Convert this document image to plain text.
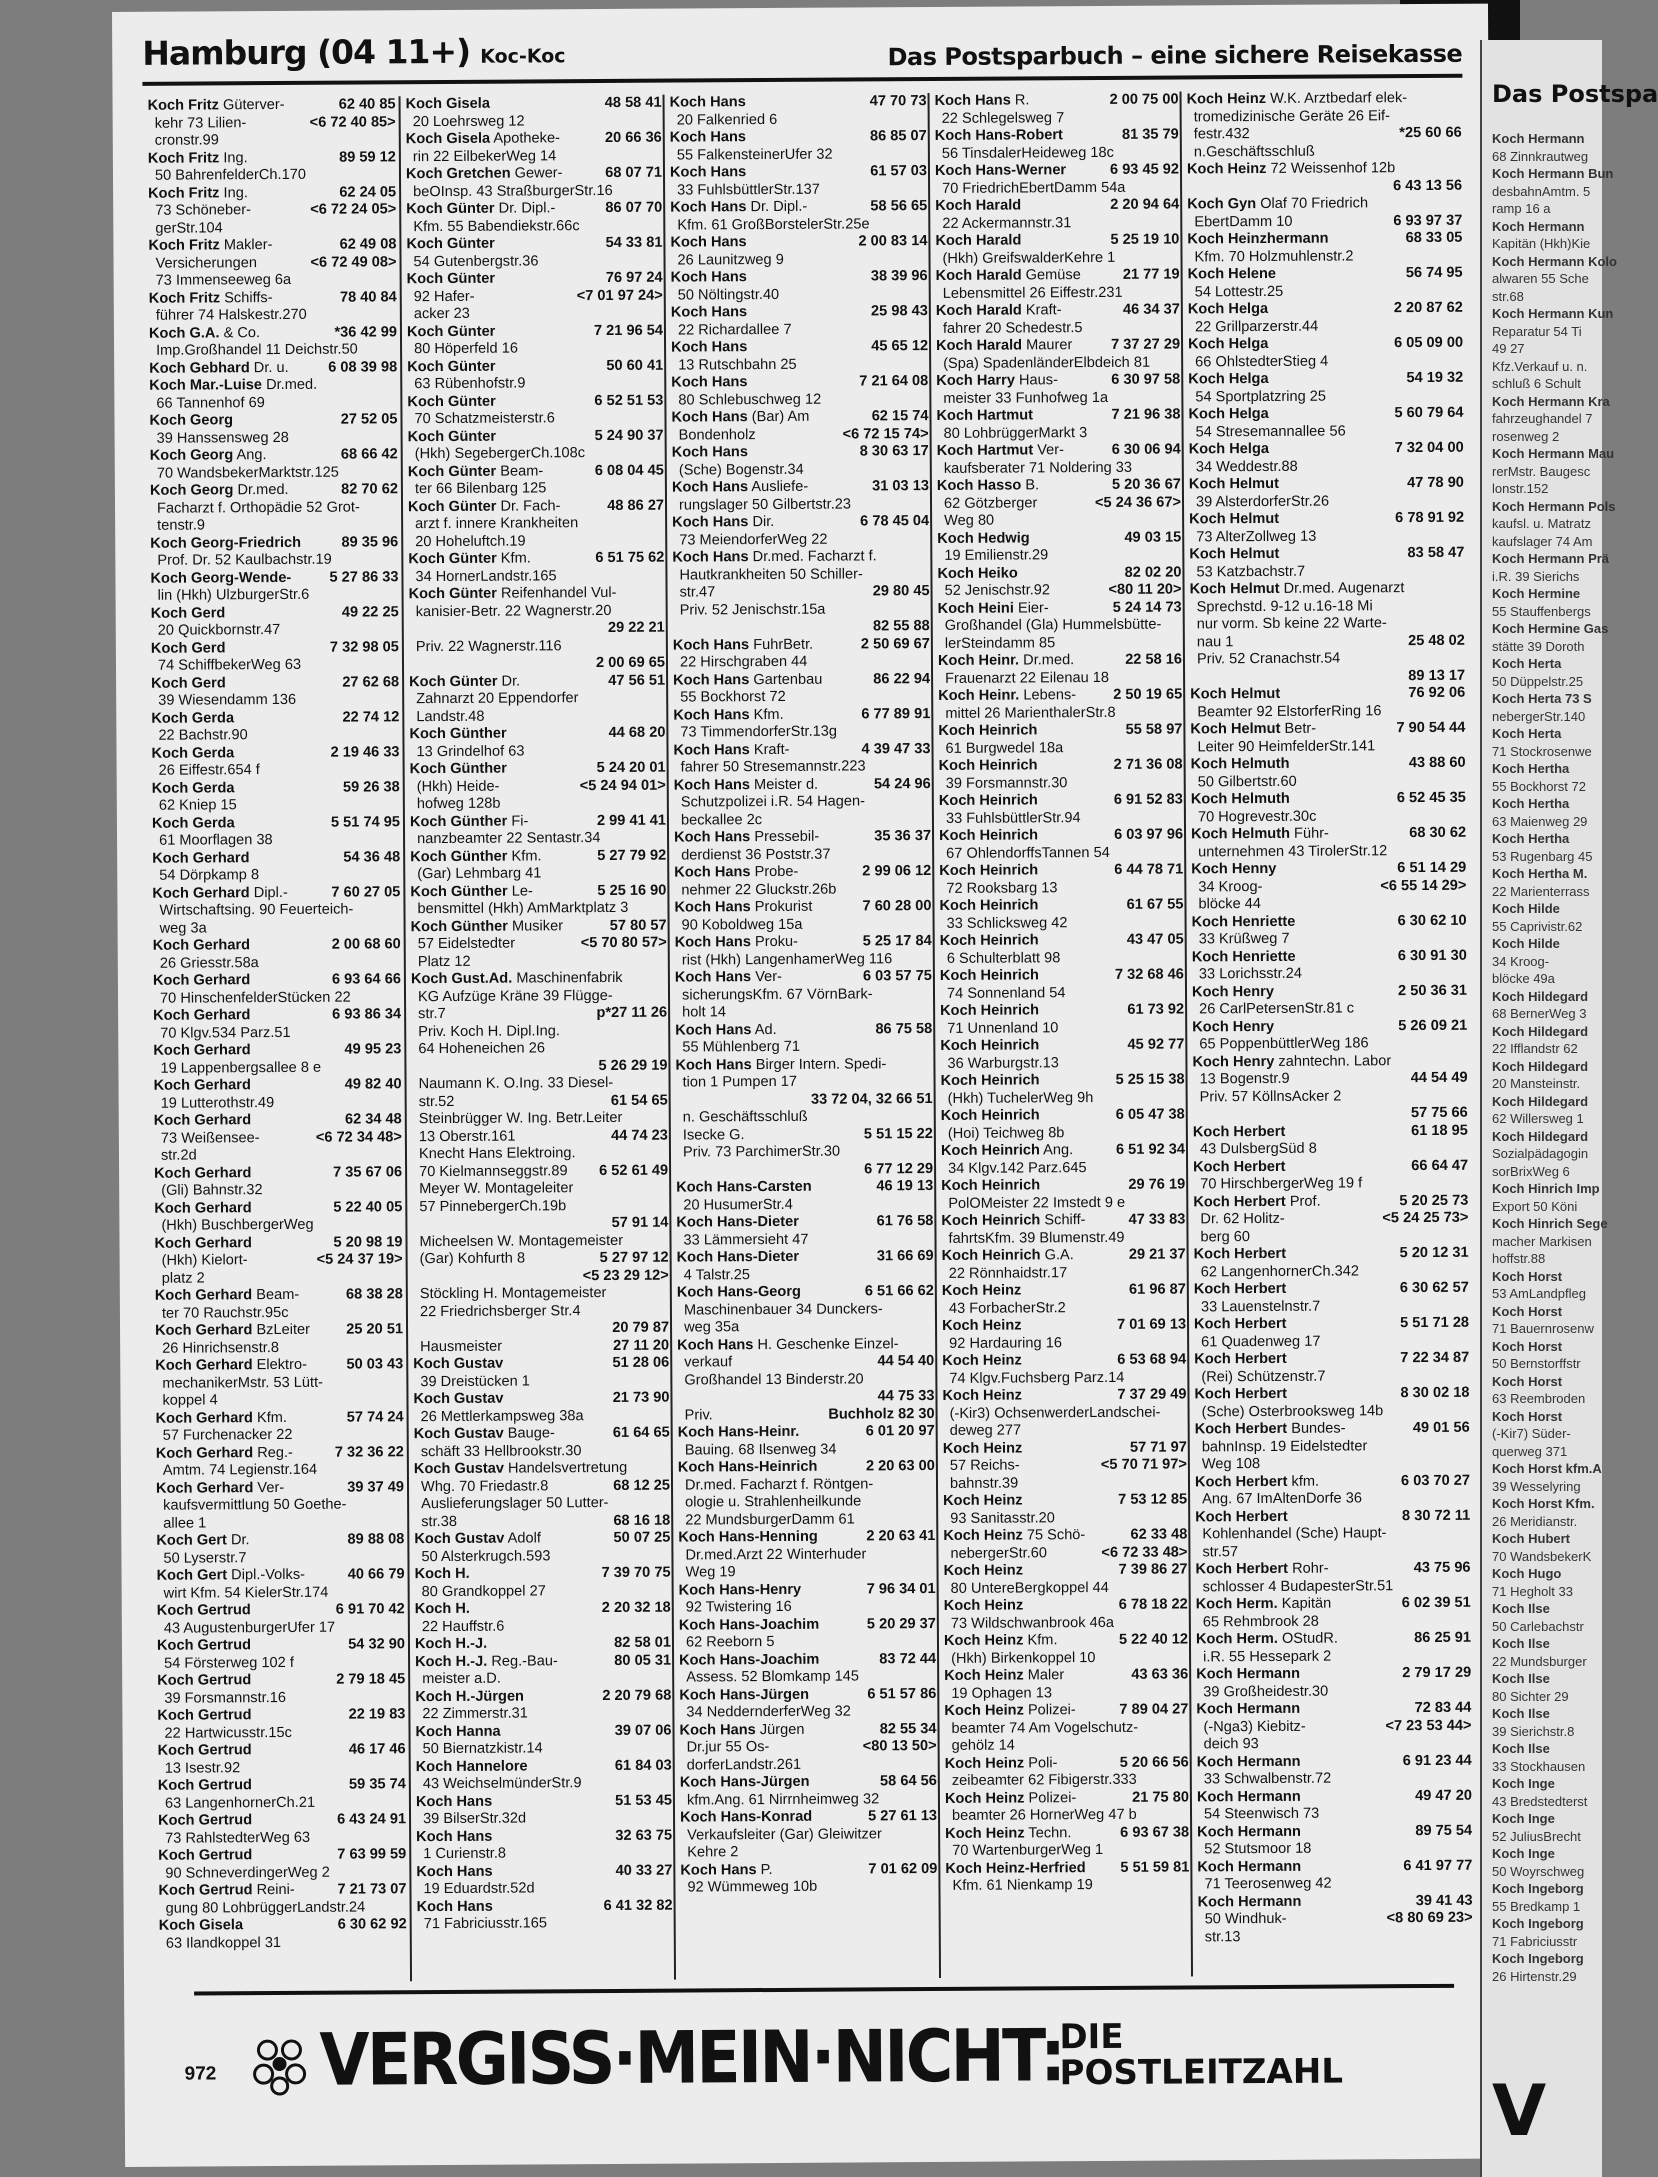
Hamburg (04 11+) Koc-Koc	Das Postsparbuch – eine sichere Reisekasse
Koch Fritz Güterver-	62 40 85
kehr 73 Lilien-	<6 72 40 85>
cronstr.99
Koch Fritz Ing.	89 59 12
50 BahrenfelderCh.170
Koch Fritz Ing.	62 24 05
73 Schöneber-	<6 72 24 05>
gerStr.104
Koch Fritz Makler-	62 49 08
Versicherungen	<6 72 49 08>
73 Immenseeweg 6a
Koch Fritz Schiffs-	78 40 84
führer 74 Halskestr.270
Koch G.A. & Co.	*36 42 99
Imp.Großhandel 11 Deichstr.50
Koch Gebhard Dr. u.	6 08 39 98
Koch Mar.-Luise Dr.med.
66 Tannenhof 69
Koch Georg	27 52 05
39 Hanssensweg 28
Koch Georg Ang.	68 66 42
70 WandsbekerMarktstr.125
Koch Georg Dr.med.	82 70 62
Facharzt f. Orthopädie 52 Grot-
tenstr.9
Koch Georg-Friedrich	89 35 96
Prof. Dr. 52 Kaulbachstr.19
Koch Georg-Wende-	5 27 86 33
lin (Hkh) UlzburgerStr.6
Koch Gerd	49 22 25
20 Quickbornstr.47
Koch Gerd	7 32 98 05
74 SchiffbekerWeg 63
Koch Gerd	27 62 68
39 Wiesendamm 136
Koch Gerda	22 74 12
22 Bachstr.90
Koch Gerda	2 19 46 33
26 Eiffestr.654 f
Koch Gerda	59 26 38
62 Kniep 15
Koch Gerda	5 51 74 95
61 Moorflagen 38
Koch Gerhard	54 36 48
54 Dörpkamp 8
Koch Gerhard Dipl.-	7 60 27 05
Wirtschaftsing. 90 Feuerteich-
weg 3a
Koch Gerhard	2 00 68 60
26 Griesstr.58a
Koch Gerhard	6 93 64 66
70 HinschenfelderStücken 22
Koch Gerhard	6 93 86 34
70 Klgv.534 Parz.51
Koch Gerhard	49 95 23
19 Lappenbergsallee 8 e
Koch Gerhard	49 82 40
19 Lutterothstr.49
Koch Gerhard	62 34 48
73 Weißensee-	<6 72 34 48>
str.2d
Koch Gerhard	7 35 67 06
(Gli) Bahnstr.32
Koch Gerhard	5 22 40 05
(Hkh) BuschbergerWeg
Koch Gerhard	5 20 98 19
(Hkh) Kielort-	<5 24 37 19>
platz 2
Koch Gerhard Beam-	68 38 28
ter 70 Rauchstr.95c
Koch Gerhard BzLeiter 25 20 51
26 Hinrichsenstr.8
Koch Gerhard Elektro-	50 03 43
mechanikerMstr. 53 Lütt-
koppel 4
Koch Gerhard Kfm.	57 74 24
57 Furchenacker 22
Koch Gerhard Reg.-	7 32 36 22
Amtm. 74 Legienstr.164
Koch Gerhard Ver-	39 37 49
kaufsvermittlung 50 Goethe-
allee 1
Koch Gert Dr.	89 88 08
50 Lyserstr.7
Koch Gert Dipl.-Volks-	40 66 79
wirt Kfm. 54 KielerStr.174
Koch Gertrud	6 91 70 42
43 AugustenburgerUfer 17
Koch Gertrud	54 32 90
54 Försterweg 102 f
Koch Gertrud	2 79 18 45
39 Forsmannstr.16
Koch Gertrud	22 19 83
22 Hartwicusstr.15c
Koch Gertrud	46 17 46
13 Isestr.92
Koch Gertrud	59 35 74
63 LangenhornerCh.21
Koch Gertrud	6 43 24 91
73 RahlstedterWeg 63
Koch Gertrud	7 63 99 59
90 SchneverdingerWeg 2
Koch Gertrud Reini-	7 21 73 07
gung 80 LohbrüggerLandstr.24
Koch Gisela	6 30 62 92
63 Ilandkoppel 31
Koch Gisela	48 58 41
20 Loehrsweg 12
Koch Gisela Apotheke-	20 66 36
rin 22 EilbekerWeg 14
Koch Gretchen Gewer-	68 07 71
beOInsp. 43 StraßburgerStr.16
Koch Günter Dr. Dipl.-	86 07 70
Kfm. 55 Babendiekstr.66c
Koch Günter	54 33 81
54 Gutenbergstr.36
Koch Günter	76 97 24
92 Hafer-	<7 01 97 24>
acker 23
Koch Günter	7 21 96 54
80 Höperfeld 16
Koch Günter	50 60 41
63 Rübenhofstr.9
Koch Günter	6 52 51 53
70 Schatzmeisterstr.6
Koch Günter	5 24 90 37
(Hkh) SegebergerCh.108c
Koch Günter Beam-	6 08 04 45
ter 66 Bilenbarg 125
Koch Günter Dr. Fach-	48 86 27
arzt f. innere Krankheiten
20 Hoheluftch.19
Koch Günter Kfm.	6 51 75 62
34 HornerLandstr.165
Koch Günter Reifenhandel Vul-
kanisier-Betr. 22 Wagnerstr.20
29 22 21
Priv. 22 Wagnerstr.116
2 00 69 65
Koch Günter Dr.	47 56 51
Zahnarzt 20 Eppendorfer
Landstr.48
Koch Günther	44 68 20
13 Grindelhof 63
Koch Günther	5 24 20 01
(Hkh) Heide-	<5 24 94 01>
hofweg 128b
Koch Günther Fi-	2 99 41 41
nanzbeamter 22 Sentastr.34
Koch Günther Kfm.	5 27 79 92
(Gar) Lehmbarg 41
Koch Günther Le-	5 25 16 90
bensmittel (Hkh) AmMarktplatz 3
Koch Günther Musiker	57 80 57
57 Eidelstedter	<5 70 80 57>
Platz 12
Koch Gust.Ad. Maschinenfabrik
KG Aufzüge Kräne 39 Flügge-
str.7	p*27 11 26
Priv. Koch H. Dipl.Ing.
64 Hoheneichen 26
5 26 29 19
Naumann K. O.Ing. 33 Diesel-
str.52	61 54 65
Steinbrügger W. Ing. Betr.Leiter
13 Oberstr.161	44 74 23
Knecht Hans Elektroing.
70 Kielmannseggstr.89 6 52 61 49
Meyer W. Montageleiter
57 PinnebergerCh.19b
57 91 14
Micheelsen W. Montagemeister
(Gar) Kohfurth 8	5 27 97 12
<5 23 29 12>
Stöckling H. Montagemeister
22 Friedrichsberger Str.4
20 79 87
Hausmeister	27 11 20
Koch Gustav	51 28 06
39 Dreistücken 1
Koch Gustav	21 73 90
26 Mettlerkampsweg 38a
Koch Gustav Bauge-	61 64 65
schäft 33 Hellbrookstr.30
Koch Gustav Handelsvertretung
Whg. 70 Friedastr.8	68 12 25
Auslieferungslager 50 Lutter-
str.38	68 16 18
Koch Gustav Adolf	50 07 25
50 Alsterkrugch.593
Koch H.	7 39 70 75
80 Grandkoppel 27
Koch H.	2 20 32 18
22 Hauffstr.6
Koch H.-J.	82 58 01
Koch H.-J. Reg.-Bau-	80 05 31
meister a.D.
Koch H.-Jürgen	2 20 79 68
22 Zimmerstr.31
Koch Hanna	39 07 06
50 Biernatzkistr.14
Koch Hannelore	61 84 03
43 WeichselmünderStr.9
Koch Hans	51 53 45
39 BilserStr.32d
Koch Hans	32 63 75
1 Curienstr.8
Koch Hans	40 33 27
19 Eduardstr.52d
Koch Hans	6 41 32 82
71 Fabriciusstr.165
Koch Hans	47 70 73
20 Falkenried 6
Koch Hans	86 85 07
55 FalkensteinerUfer 32
Koch Hans	61 57 03
33 FuhlsbüttlerStr.137
Koch Hans Dr. Dipl.-	58 56 65
Kfm. 61 GroßBorstelerStr.25e
Koch Hans	2 00 83 14
26 Launitzweg 9
Koch Hans	38 39 96
50 Nöltingstr.40
Koch Hans	25 98 43
22 Richardallee 7
Koch Hans	45 65 12
13 Rutschbahn 25
Koch Hans	7 21 64 08
80 Schlebuschweg 12
Koch Hans (Bar) Am	62 15 74
Bondenholz	<6 72 15 74>
Koch Hans	8 30 63 17
(Sche) Bogenstr.34
Koch Hans Ausliefe-	31 03 13
rungslager 50 Gilbertstr.23
Koch Hans Dir.	6 78 45 04
73 MeiendorferWeg 22
Koch Hans Dr.med. Facharzt f.
Hautkrankheiten 50 Schiller-
str.47	29 80 45
Priv. 52 Jenischstr.15a
82 55 88
Koch Hans FuhrBetr.	2 50 69 67
22 Hirschgraben 44
Koch Hans Gartenbau	86 22 94
55 Bockhorst 72
Koch Hans Kfm.	6 77 89 91
73 TimmendorferStr.13g
Koch Hans Kraft-	4 39 47 33
fahrer 50 Stresemannstr.223
Koch Hans Meister d.	54 24 96
Schutzpolizei i.R. 54 Hagen-
beckallee 2c
Koch Hans Pressebil-	35 36 37
derdienst 36 Poststr.37
Koch Hans Probe-	2 99 06 12
nehmer 22 Gluckstr.26b
Koch Hans Prokurist	7 60 28 00
90 Koboldweg 15a
Koch Hans Proku-	5 25 17 84
rist (Hkh) LangenhamerWeg 116
Koch Hans Ver-	6 03 57 75
sicherungsKfm. 67 VörnBark-
holt 14
Koch Hans Ad.	86 75 58
55 Mühlenberg 71
Koch Hans Birger Intern. Spedi-
tion 1 Pumpen 17
33 72 04, 32 66 51
n. Geschäftsschluß
Isecke G.	5 51 15 22
Priv. 73 ParchimerStr.30
6 77 12 29
Koch Hans-Carsten	46 19 13
20 HusumerStr.4
Koch Hans-Dieter	61 76 58
33 Lämmersieht 47
Koch Hans-Dieter	31 66 69
4 Talstr.25
Koch Hans-Georg	6 51 66 62
Maschinenbauer 34 Dunckers-
weg 35a
Koch Hans H. Geschenke Einzel-
verkauf	44 54 40
Großhandel 13 Binderstr.20
44 75 33
Priv.	Buchholz 82 30
Koch Hans-Heinr.	6 01 20 97
Bauing. 68 Ilsenweg 34
Koch Hans-Heinrich	2 20 63 00
Dr.med. Facharzt f. Röntgen-
ologie u. Strahlenheilkunde
22 MundsburgerDamm 61
Koch Hans-Henning	2 20 63 41
Dr.med.Arzt 22 Winterhuder
Weg 19
Koch Hans-Henry	7 96 34 01
92 Twistering 16
Koch Hans-Joachim	5 20 29 37
62 Reeborn 5
Koch Hans-Joachim	83 72 44
Assess. 52 Blomkamp 145
Koch Hans-Jürgen	6 51 57 86
34 NeddernderferWeg 32
Koch Hans Jürgen	82 55 34
Dr.jur 55 Os-	<80 13 50>
dorferLandstr.261
Koch Hans-Jürgen	58 64 56
kfm.Ang. 61 Nirrnheimweg 32
Koch Hans-Konrad	5 27 61 13
Verkaufsleiter (Gar) Gleiwitzer
Kehre 2
Koch Hans P.	7 01 62 09
92 Wümmeweg 10b
Koch Hans R.	2 00 75 00
22 Schlegelsweg 7
Koch Hans-Robert	81 35 79
56 TinsdalerHeideweg 18c
Koch Hans-Werner	6 93 45 92
70 FriedrichEbertDamm 54a
Koch Harald	2 20 94 64
22 Ackermannstr.31
Koch Harald	5 25 19 10
(Hkh) GreifswalderKehre 1
Koch Harald Gemüse	21 77 19
Lebensmittel 26 Eiffestr.231
Koch Harald Kraft-	46 34 37
fahrer 20 Schedestr.5
Koch Harald Maurer	7 37 27 29
(Spa) SpadenländerElbdeich 81
Koch Harry Haus-	6 30 97 58
meister 33 Funhofweg 1a
Koch Hartmut	7 21 96 38
80 LohbrüggerMarkt 3
Koch Hartmut Ver-	6 30 06 94
kaufsberater 71 Noldering 33
Koch Hasso B.	5 20 36 67
62 Götzberger	<5 24 36 67>
Weg 80
Koch Hedwig	49 03 15
19 Emilienstr.29
Koch Heiko	82 02 20
52 Jenischstr.92	<80 11 20>
Koch Heini Eier-	5 24 14 73
Großhandel (Gla) Hummelsbütte-
lerSteindamm 85
Koch Heinr. Dr.med.	22 58 16
Frauenarzt 22 Eilenau 18
Koch Heinr. Lebens-	2 50 19 65
mittel 26 MarienthalerStr.8
Koch Heinrich	55 58 97
61 Burgwedel 18a
Koch Heinrich	2 71 36 08
39 Forsmannstr.30
Koch Heinrich	6 91 52 83
33 FuhlsbüttlerStr.94
Koch Heinrich	6 03 97 96
67 OhlendorffsTannen 54
Koch Heinrich	6 44 78 71
72 Rooksbarg 13
Koch Heinrich	61 67 55
33 Schlicksweg 42
Koch Heinrich	43 47 05
6 Schulterblatt 98
Koch Heinrich	7 32 68 46
74 Sonnenland 54
Koch Heinrich	61 73 92
71 Unnenland 10
Koch Heinrich	45 92 77
36 Warburgstr.13
Koch Heinrich	5 25 15 38
(Hkh) TuchelerWeg 9h
Koch Heinrich	6 05 47 38
(Hoi) Teichweg 8b
Koch Heinrich Ang.	6 51 92 34
34 Klgv.142 Parz.645
Koch Heinrich	29 76 19
PolOMeister 22 Imstedt 9 e
Koch Heinrich Schiff-	47 33 83
fahrtsKfm. 39 Blumenstr.49
Koch Heinrich G.A.	29 21 37
22 Rönnhaidstr.17
Koch Heinz	61 96 87
43 ForbacherStr.2
Koch Heinz	7 01 69 13
92 Hardauring 16
Koch Heinz	6 53 68 94
74 Klgv.Fuchsberg Parz.14
Koch Heinz	7 37 29 49
(-Kir3) OchsenwerderLandschei-
deweg 277
Koch Heinz	57 71 97
57 Reichs-	<5 70 71 97>
bahnstr.39
Koch Heinz	7 53 12 85
93 Sanitasstr.20
Koch Heinz 75 Schö-	62 33 48
nebergerStr.60	<6 72 33 48>
Koch Heinz	7 39 86 27
80 UntereBergkoppel 44
Koch Heinz	6 78 18 22
73 Wildschwanbrook 46a
Koch Heinz Kfm.	5 22 40 12
(Hkh) Birkenkoppel 10
Koch Heinz Maler	43 63 36
19 Ophagen 13
Koch Heinz Polizei-	7 89 04 27
beamter 74 Am Vogelschutz-
gehölz 14
Koch Heinz Poli-	5 20 66 56
zeibeamter 62 Fibigerstr.333
Koch Heinz Polizei-	21 75 80
beamter 26 HornerWeg 47 b
Koch Heinz Techn.	6 93 67 38
70 WartenburgerWeg 1
Koch Heinz-Herfried 5 51 59 81
Kfm. 61 Nienkamp 19
Koch Heinz W.K. Arztbedarf elek-
tromedizinische Geräte 26 Eif-
festr.432	*25 60 66
n.Geschäftsschluß
Koch Heinz 72 Weissenhof 12b
6 43 13 56
Koch Gyn Olaf 70 Friedrich
EbertDamm 10	6 93 97 37
Koch Heinzhermann	68 33 05
Kfm. 70 Holzmuhlenstr.2
Koch Helene	56 74 95
54 Lottestr.25
Koch Helga	2 20 87 62
22 Grillparzerstr.44
Koch Helga	6 05 09 00
66 OhlstedterStieg 4
Koch Helga	54 19 32
54 Sportplatzring 25
Koch Helga	5 60 79 64
54 Stresemannallee 56
Koch Helga	7 32 04 00
34 Weddestr.88
Koch Helmut	47 78 90
39 AlsterdorferStr.26
Koch Helmut	6 78 91 92
73 AlterZollweg 13
Koch Helmut	83 58 47
53 Katzbachstr.7
Koch Helmut Dr.med. Augenarzt
Sprechstd. 9-12 u.16-18 Mi
nur vorm. Sb keine 22 Warte-
nau 1	25 48 02
Priv. 52 Cranachstr.54
89 13 17
Koch Helmut	76 92 06
Beamter 92 ElstorferRing 16
Koch Helmut Betr-	7 90 54 44
Leiter 90 HeimfelderStr.141
Koch Helmuth	43 88 60
50 Gilbertstr.60
Koch Helmuth	6 52 45 35
70 Hogrevestr.30c
Koch Helmuth Führ-	68 30 62
unternehmen 43 TirolerStr.12
Koch Henny	6 51 14 29
34 Kroog-	<6 55 14 29>
blöcke 44
Koch Henriette	6 30 62 10
33 Krüßweg 7
Koch Henriette	6 30 91 30
33 Lorichsstr.24
Koch Henry	2 50 36 31
26 CarlPetersenStr.81 c
Koch Henry	5 26 09 21
65 PoppenbüttlerWeg 186
Koch Henry zahntechn. Labor
13 Bogenstr.9	44 54 49
Priv. 57 KöllnsAcker 2
57 75 66
Koch Herbert	61 18 95
43 DulsbergSüd 8
Koch Herbert	66 64 47
70 HirschbergerWeg 19 f
Koch Herbert Prof.	5 20 25 73
Dr. 62 Holitz-	<5 24 25 73>
berg 60
Koch Herbert	5 20 12 31
62 LangenhornerCh.342
Koch Herbert	6 30 62 57
33 Lauenstelnstr.7
Koch Herbert	5 51 71 28
61 Quadenweg 17
Koch Herbert	7 22 34 87
(Rei) Schützenstr.7
Koch Herbert	8 30 02 18
(Sche) Osterbrooksweg 14b
Koch Herbert Bundes-	49 01 56
bahnInsp. 19 Eidelstedter
Weg 108
Koch Herbert kfm.	6 03 70 27
Ang. 67 ImAltenDorfe 36
Koch Herbert	8 30 72 11
Kohlenhandel (Sche) Haupt-
str.57
Koch Herbert Rohr-	43 75 96
schlosser 4 BudapesterStr.51
Koch Herm. Kapitän	6 02 39 51
65 Rehmbrook 28
Koch Herm. OStudR.	86 25 91
i.R. 55 Hessepark 2
Koch Hermann	2 79 17 29
39 Großheidestr.30
Koch Hermann	72 83 44
(-Nga3) Kiebitz-	<7 23 53 44>
deich 93
Koch Hermann	6 91 23 44
33 Schwalbenstr.72
Koch Hermann	49 47 20
54 Steenwisch 73
Koch Hermann	89 75 54
52 Stutsmoor 18
Koch Hermann	6 41 97 77
71 Teerosenweg 42
Koch Hermann	39 41 43
50 Windhuk-	<8 80 69 23>
str.13
972 VERGISS·MEIN·NICHT:
DIE
POSTLEITZAHL
Das Postspa
Koch Hermann
68 Zinnkrautweg
Koch Hermann Bun
desbahnAmtm. 5
ramp 16 a
Koch Hermann
Kapitän (Hkh)Kie
Koch Hermann Kolo
alwaren 55 Sche
str.68
Koch Hermann Kun
Reparatur 54 Ti
49 27
Kfz.Verkauf u. n.
schluß 6 Schult
Koch Hermann Kra
fahrzeughandel 7
rosenweg 2
Koch Hermann Mau
rerMstr. Baugesc
lonstr.152
Koch Hermann Pols
kaufsl. u. Matratz
kaufslager 74 Am
Koch Hermann Prä
i.R. 39 Sierichs
Koch Hermine
55 Stauffenbergs
Koch Hermine Gas
stätte 39 Doroth
Koch Herta
50 Düppelstr.25
Koch Herta 73 S
nebergerStr.140
Koch Herta
71 Stockrosenwe
Koch Hertha
55 Bockhorst 72
Koch Hertha
63 Maienweg 29
Koch Hertha
53 Rugenbarg 45
Koch Hertha M.
22 Marienterrass
Koch Hilde
55 Caprivistr.62
Koch Hilde
34 Kroog-
blöcke 49a
Koch Hildegard
68 BernerWeg 3
Koch Hildegard
22 Ifflandstr 62
Koch Hildegard
20 Mansteinstr.
Koch Hildegard
62 Willersweg 1
Koch Hildegard
Sozialpädagogin
sorBrixWeg 6
Koch Hinrich Imp
Export 50 Köni
Koch Hinrich Sege
macher Markisen
hoffstr.88
Koch Horst
53 AmLandpfleg
Koch Horst
71 Bauernrosenw
Koch Horst
50 Bernstorffstr
Koch Horst
63 Reembroden
Koch Horst
(-Kir7) Süder-
querweg 371
Koch Horst kfm.A
39 Wesselyring
Koch Horst Kfm.
26 Meridianstr.
Koch Hubert
70 WandsbekerK
Koch Hugo
71 Hegholt 33
Koch Ilse
50 Carlebachstr
Koch Ilse
22 Mundsburger
Koch Ilse
80 Sichter 29
Koch Ilse
39 Sierichstr.8
Koch Ilse
33 Stockhausen
Koch Inge
43 Bredstedterst
Koch Inge
52 JuliusBrecht
Koch Inge
50 Woyrschweg
Koch Ingeborg
55 Bredkamp 1
Koch Ingeborg
71 Fabriciusstr
Koch Ingeborg
26 Hirtenstr.29
V
